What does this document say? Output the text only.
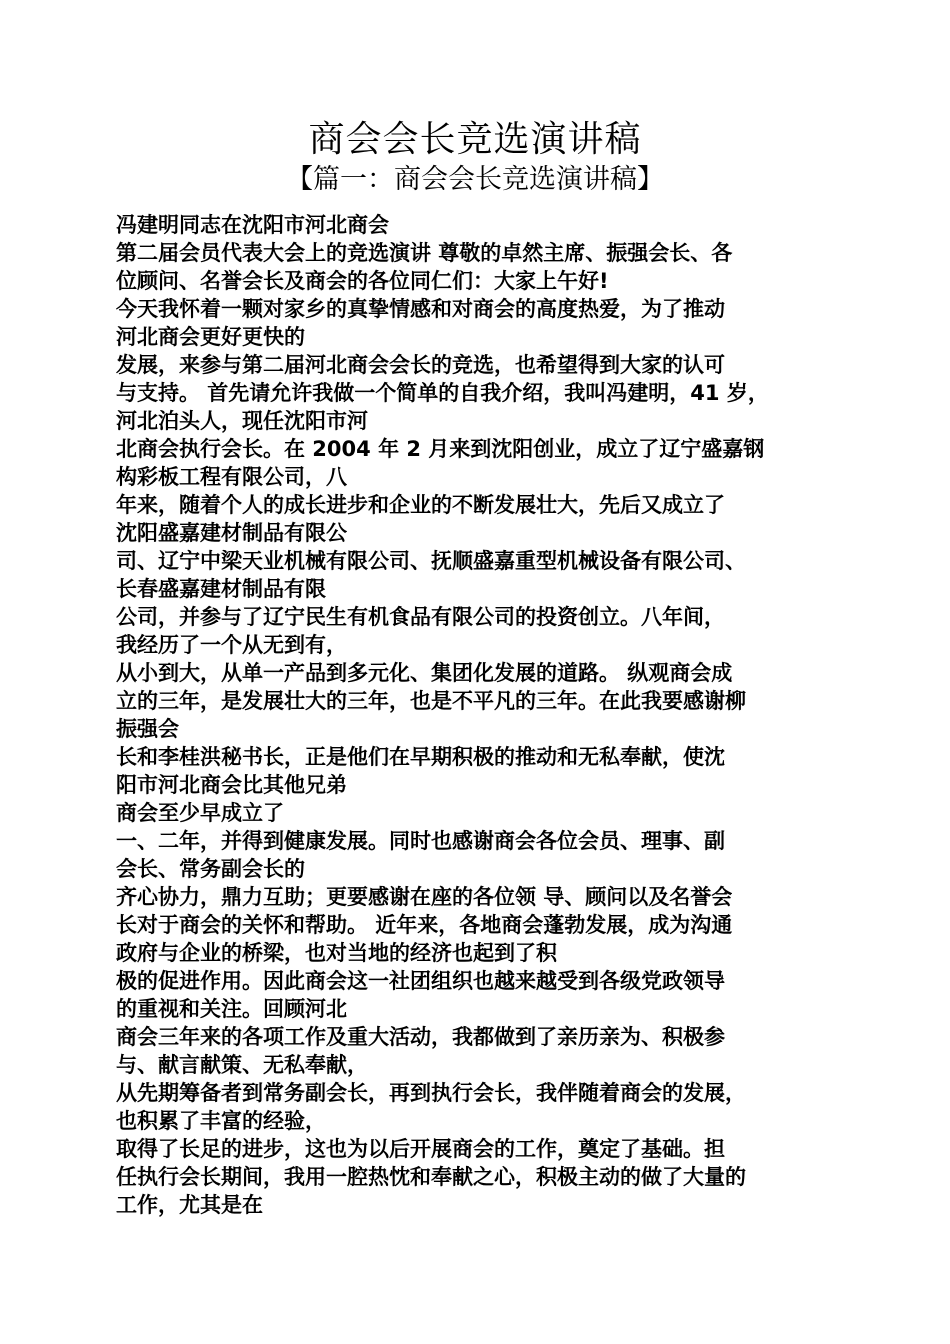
商会会长竞选演讲稿
【篇一：商会会长竞选演讲稿】
冯建明同志在沈阳市河北商会
第二届会员代表大会上的竞选演讲 尊敬的卓然主席、振强会长、各
位顾问、名誉会长及商会的各位同仁们：大家上午好!
今天我怀着一颗对家乡的真挚情感和对商会的高度热爱，为了推动
河北商会更好更快的
发展，来参与第二届河北商会会长的竞选，也希望得到大家的认可
与支持。 首先请允许我做一个简单的自我介绍，我叫冯建明，41 岁，
河北泊头人，现任沈阳市河
北商会执行会长。在 2004 年 2 月来到沈阳创业，成立了辽宁盛嘉钢
构彩板工程有限公司，八
年来，随着个人的成长进步和企业的不断发展壮大，先后又成立了
沈阳盛嘉建材制品有限公
司、辽宁中梁天业机械有限公司、抚顺盛嘉重型机械设备有限公司、
长春盛嘉建材制品有限
公司，并参与了辽宁民生有机食品有限公司的投资创立。八年间，
我经历了一个从无到有，
从小到大，从单一产品到多元化、集团化发展的道路。 纵观商会成
立的三年，是发展壮大的三年，也是不平凡的三年。在此我要感谢柳
振强会
长和李桂洪秘书长，正是他们在早期积极的推动和无私奉献，使沈
阳市河北商会比其他兄弟
商会至少早成立了
一、二年，并得到健康发展。同时也感谢商会各位会员、理事、副
会长、常务副会长的
齐心协力，鼎力互助；更要感谢在座的各位领 导、顾问以及名誉会
长对于商会的关怀和帮助。 近年来，各地商会蓬勃发展，成为沟通
政府与企业的桥梁，也对当地的经济也起到了积
极的促进作用。因此商会这一社团组织也越来越受到各级党政领导
的重视和关注。回顾河北
商会三年来的各项工作及重大活动，我都做到了亲历亲为、积极参
与、献言献策、无私奉献，
从先期筹备者到常务副会长，再到执行会长，我伴随着商会的发展，
也积累了丰富的经验，
取得了长足的进步，这也为以后开展商会的工作，奠定了基础。担
任执行会长期间，我用一腔热忱和奉献之心，积极主动的做了大量的
工作，尤其是在
